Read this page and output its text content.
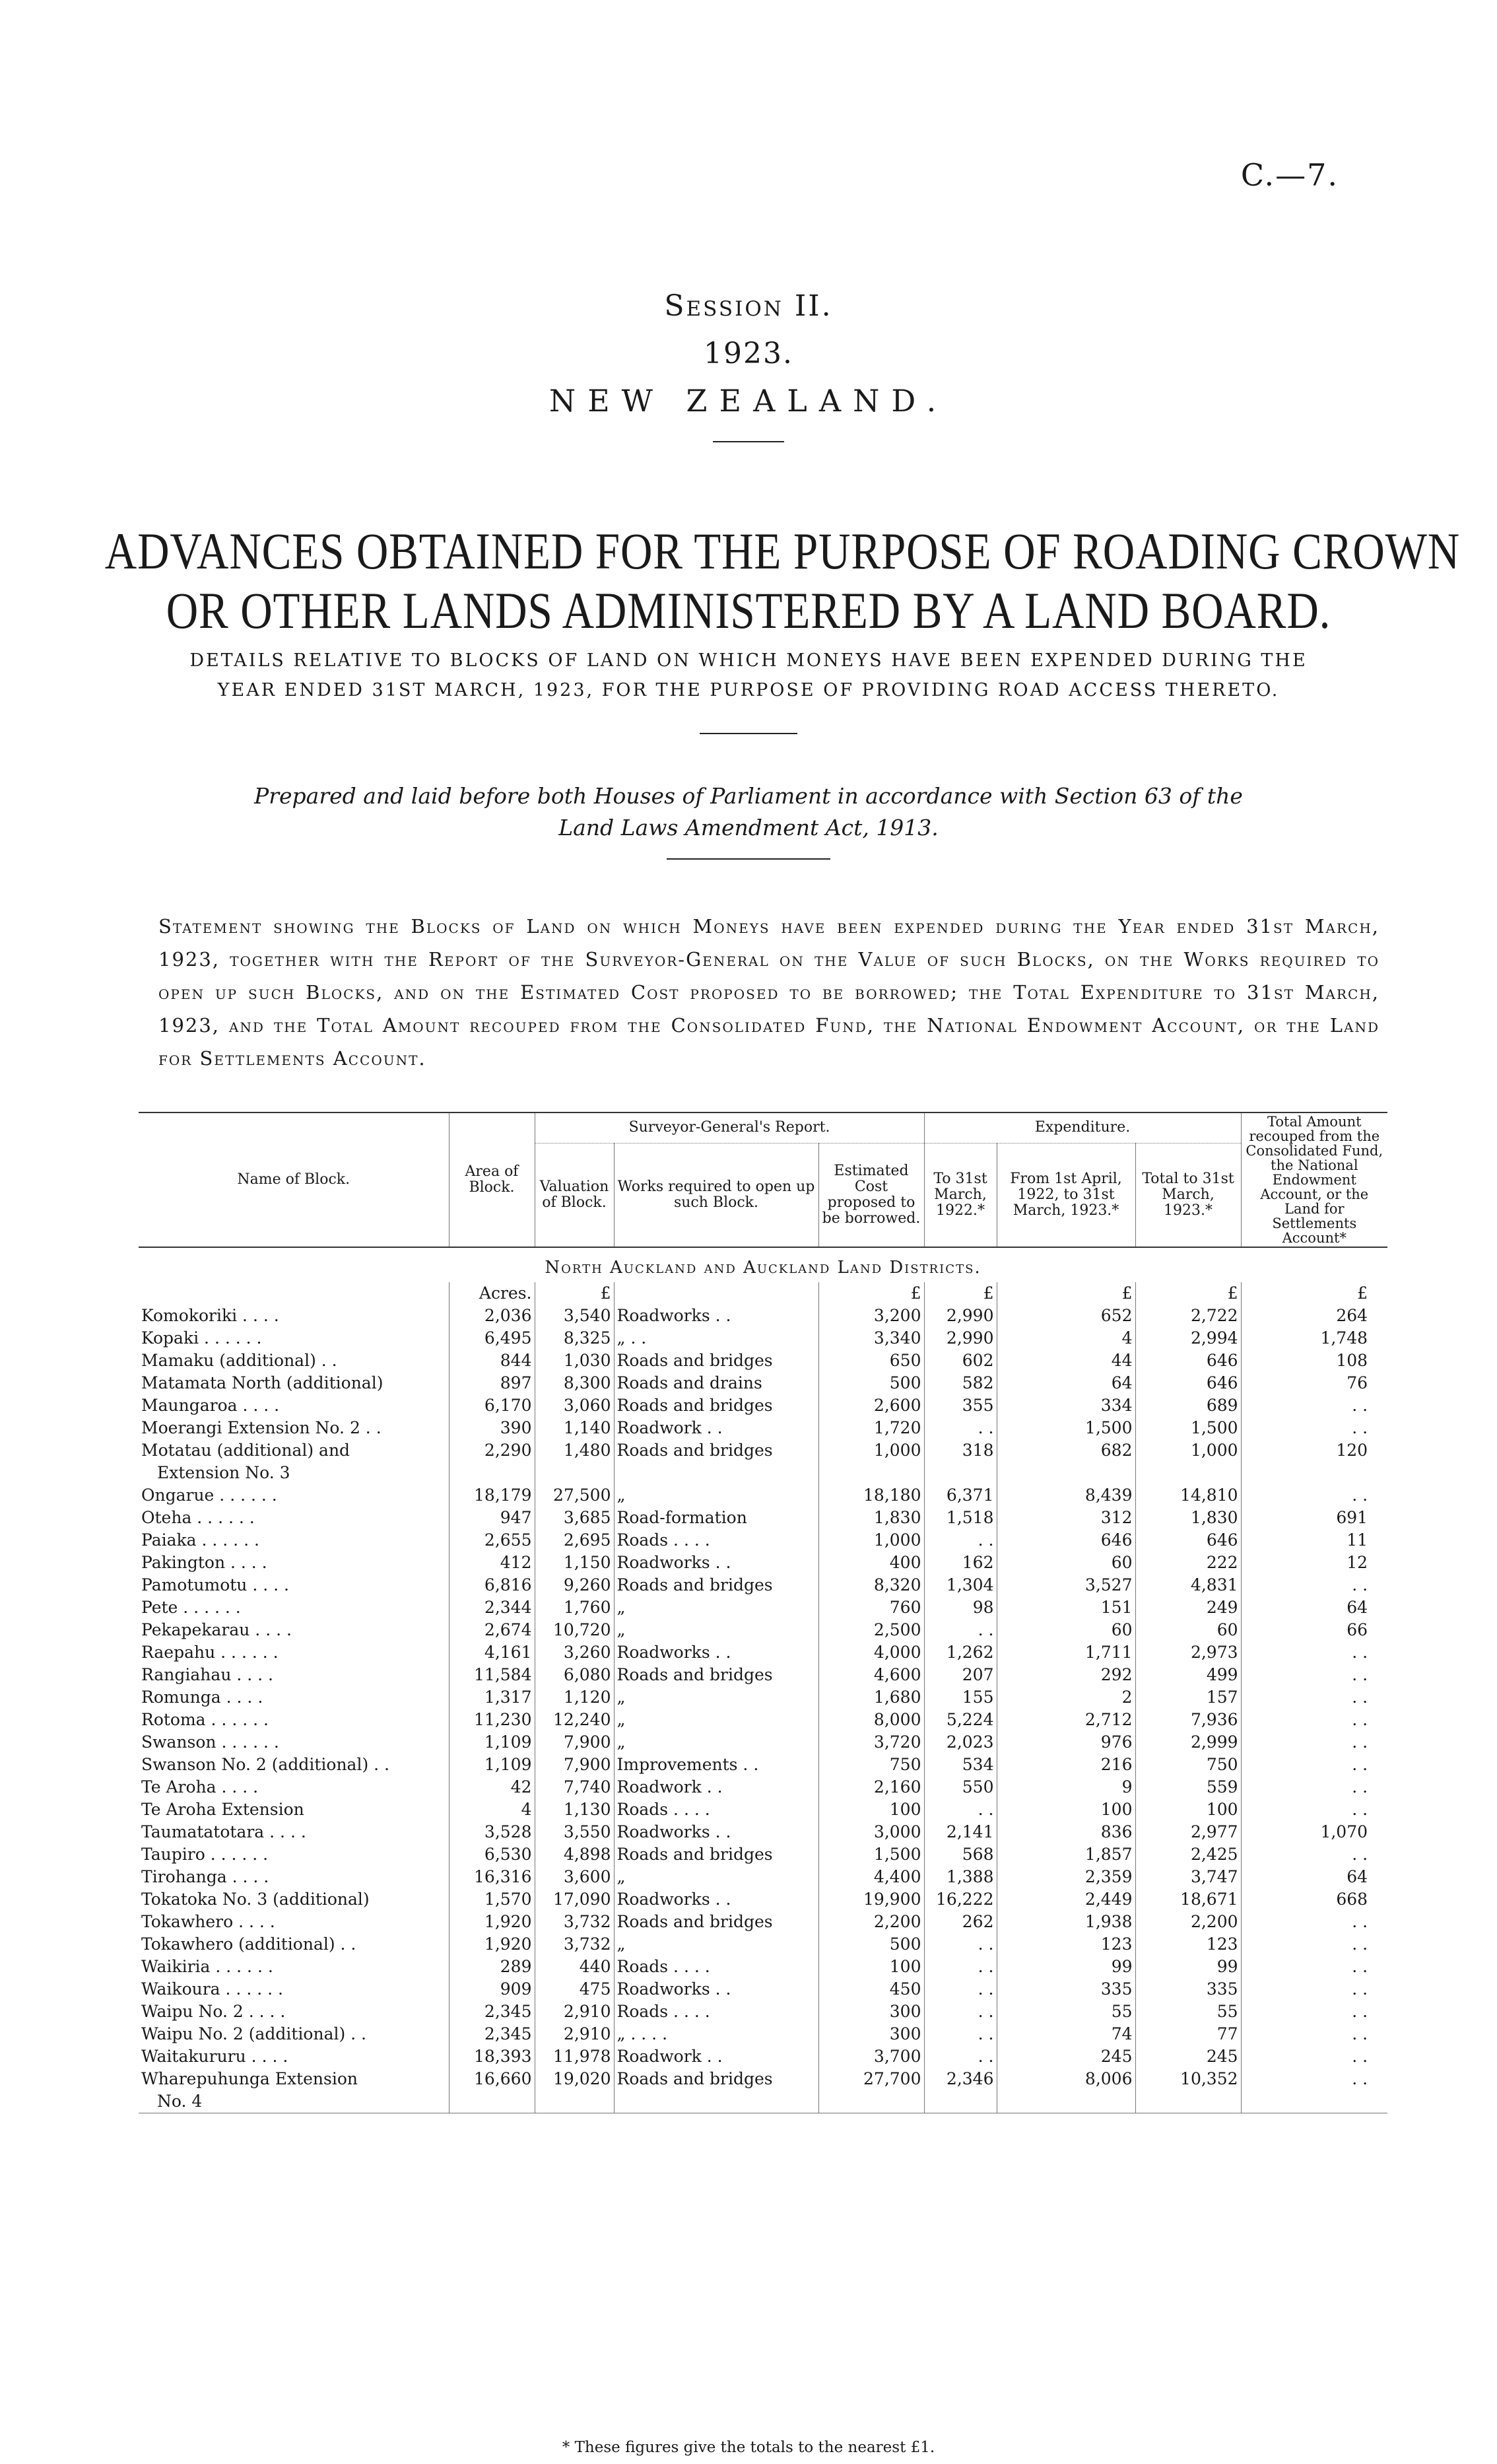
C.—7.
Session II.
1923.
NEW ZEALAND.
ADVANCES OBTAINED FOR THE PURPOSE OF ROADING CROWN
OR OTHER LANDS ADMINISTERED BY A LAND BOARD.
DETAILS RELATIVE TO BLOCKS OF LAND ON WHICH MONEYS HAVE BEEN EXPENDED DURING THE
YEAR ENDED 31ST MARCH, 1923, FOR THE PURPOSE OF PROVIDING ROAD ACCESS THERETO.
Prepared and laid before both Houses of Parliament in accordance with Section 63 of the
Land Laws Amendment Act, 1913.
Statement showing the Blocks of Land on which Moneys have been expended during the Year ended 31st March, 1923, together with the Report of the Surveyor-General on the Value of such Blocks, on the Works required to open up such Blocks, and on the Estimated Cost proposed to be borrowed; the Total Expenditure to 31st March, 1923, and the Total Amount recouped from the Consolidated Fund, the National Endowment Account, or the Land for Settlements Account.
Name of Block.	Area of Block.	Surveyor-General's Report.			Expenditure.			Total Amount recouped from the Consolidated Fund, the National Endowment Account, or the Land for Settlements Account*
		Valuation of Block.	Works required to open up such Block.	Estimated Cost proposed to be borrowed.	To 31st March, 1922.*	From 1st April, 1922, to 31st March, 1923.*	Total to 31st March, 1923.*	
North Auckland and Auckland Land Districts.								
	Acres.	£		£	£	£	£	£
Komokoriki . . . .	2,036	3,540	Roadworks . .	3,200	2,990	652	2,722	264
Kopaki . . . . . .	6,495	8,325	„ . .	3,340	2,990	4	2,994	1,748
Mamaku (additional) . .	844	1,030	Roads and bridges	650	602	44	646	108
Matamata North (additional)	897	8,300	Roads and drains	500	582	64	646	76
Maungaroa . . . .	6,170	3,060	Roads and bridges	2,600	355	334	689	. .
Moerangi Extension No. 2 . .	390	1,140	Roadwork . .	1,720	. .	1,500	1,500	. .

Motatau (additional) and
Extension No. 3	2,290	1,480	Roads and bridges	1,000	318	682	1,000	120
Ongarue . . . . . .	18,179	27,500	„	18,180	6,371	8,439	14,810	. .
Oteha . . . . . .	947	3,685	Road-formation	1,830	1,518	312	1,830	691
Paiaka . . . . . .	2,655	2,695	Roads . . . .	1,000	. .	646	646	11
Pakington . . . .	412	1,150	Roadworks . .	400	162	60	222	12
Pamotumotu . . . .	6,816	9,260	Roads and bridges	8,320	1,304	3,527	4,831	. .
Pete . . . . . .	2,344	1,760	„	760	98	151	249	64
Pekapekarau . . . .	2,674	10,720	„	2,500	. .	60	60	66
Raepahu . . . . . .	4,161	3,260	Roadworks . .	4,000	1,262	1,711	2,973	. .
Rangiahau . . . .	11,584	6,080	Roads and bridges	4,600	207	292	499	. .
Romunga . . . .	1,317	1,120	„	1,680	155	2	157	. .
Rotoma . . . . . .	11,230	12,240	„	8,000	5,224	2,712	7,936	. .
Swanson . . . . . .	1,109	7,900	„	3,720	2,023	976	2,999	. .
Swanson No. 2 (additional) . .	1,109	7,900	Improvements . .	750	534	216	750	. .
Te Aroha . . . .	42	7,740	Roadwork . .	2,160	550	9	559	. .
Te Aroha Extension	4	1,130	Roads . . . .	100	. .	100	100	. .
Taumatatotara . . . .	3,528	3,550	Roadworks . .	3,000	2,141	836	2,977	1,070
Taupiro . . . . . .	6,530	4,898	Roads and bridges	1,500	568	1,857	2,425	. .
Tirohanga . . . .	16,316	3,600	„	4,400	1,388	2,359	3,747	64
Tokatoka No. 3 (additional)	1,570	17,090	Roadworks . .	19,900	16,222	2,449	18,671	668
Tokawhero . . . .	1,920	3,732	Roads and bridges	2,200	262	1,938	2,200	. .
Tokawhero (additional) . .	1,920	3,732	„	500	. .	123	123	. .
Waikiria . . . . . .	289	440	Roads . . . .	100	. .	99	99	. .
Waikoura . . . . . .	909	475	Roadworks . .	450	. .	335	335	. .
Waipu No. 2 . . . .	2,345	2,910	Roads . . . .	300	. .	55	55	. .
Waipu No. 2 (additional) . .	2,345	2,910	„ . . . .	300	. .	74	77	. .
Waitakururu . . . .	18,393	11,978	Roadwork . .	3,700	. .	245	245	. .

Wharepuhunga Extension
No. 4	16,660	19,020	Roads and bridges	27,700	2,346	8,006	10,352	. .
* These figures give the totals to the nearest £1.
